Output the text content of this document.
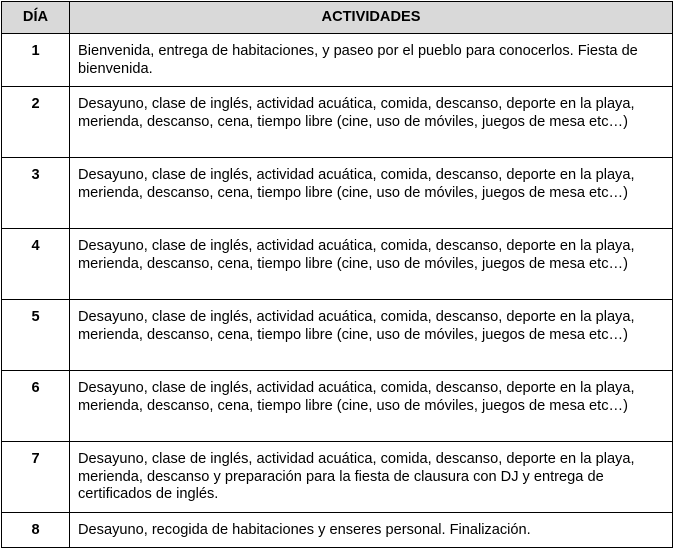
DÍA	ACTIVIDADES
1	Bienvenida, entrega de habitaciones, y paseo por el pueblo para conocerlos. Fiesta de bienvenida.
2	Desayuno, clase de inglés, actividad acuática, comida, descanso, deporte en la playa, merienda, descanso, cena, tiempo libre (cine, uso de móviles, juegos de mesa etc…)
3	Desayuno, clase de inglés, actividad acuática, comida, descanso, deporte en la playa, merienda, descanso, cena, tiempo libre (cine, uso de móviles, juegos de mesa etc…)
4	Desayuno, clase de inglés, actividad acuática, comida, descanso, deporte en la playa, merienda, descanso, cena, tiempo libre (cine, uso de móviles, juegos de mesa etc…)
5	Desayuno, clase de inglés, actividad acuática, comida, descanso, deporte en la playa, merienda, descanso, cena, tiempo libre (cine, uso de móviles, juegos de mesa etc…)
6	Desayuno, clase de inglés, actividad acuática, comida, descanso, deporte en la playa, merienda, descanso, cena, tiempo libre (cine, uso de móviles, juegos de mesa etc…)
7	Desayuno, clase de inglés, actividad acuática, comida, descanso, deporte en la playa, merienda, descanso y preparación para la fiesta de clausura con DJ y entrega de certificados de inglés.
8	Desayuno, recogida de habitaciones y enseres personal. Finalización.
